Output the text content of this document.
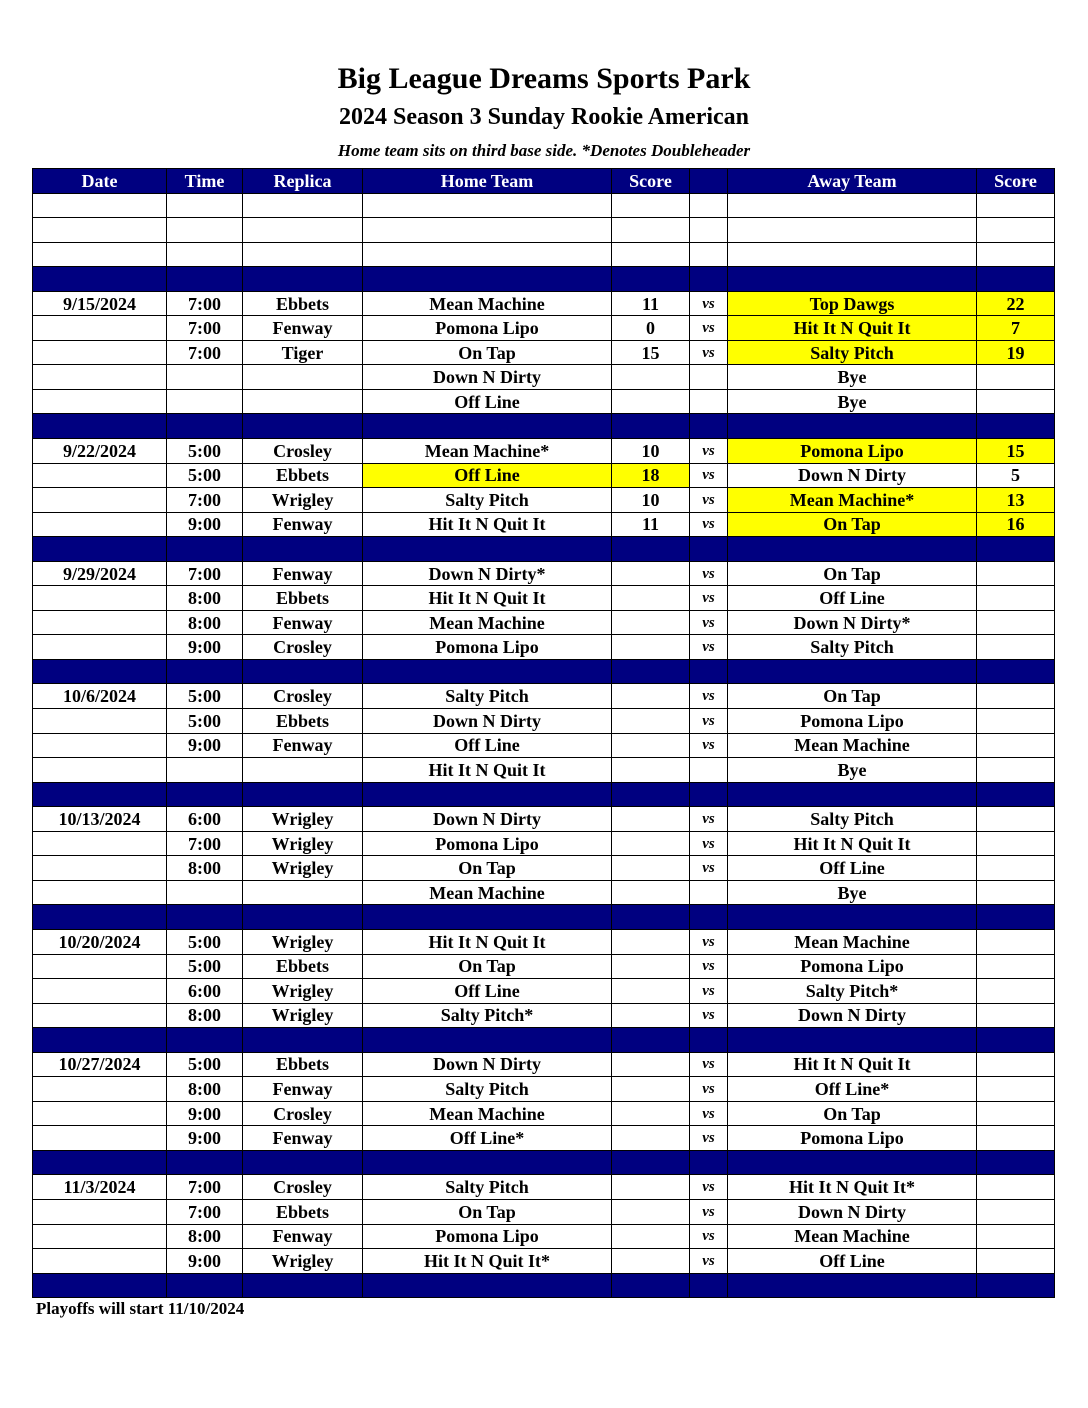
Big League Dreams Sports Park
2024 Season 3 Sunday Rookie American
Home team sits on third base side. *Denotes Doubleheader
Date	Time	Replica	Home Team	Score		Away Team	Score

9/15/2024	7:00	Ebbets	Mean Machine	11	vs	Top Dawgs	22
	7:00	Fenway	Pomona Lipo	0	vs	Hit It N Quit It	7
	7:00	Tiger	On Tap	15	vs	Salty Pitch	19
			Down N Dirty			Bye	
			Off Line			Bye	

9/22/2024	5:00	Crosley	Mean Machine*	10	vs	Pomona Lipo	15
	5:00	Ebbets	Off Line	18	vs	Down N Dirty	5
	7:00	Wrigley	Salty Pitch	10	vs	Mean Machine*	13
	9:00	Fenway	Hit It N Quit It	11	vs	On Tap	16

9/29/2024	7:00	Fenway	Down N Dirty*		vs	On Tap	
	8:00	Ebbets	Hit It N Quit It		vs	Off Line	
	8:00	Fenway	Mean Machine		vs	Down N Dirty*	
	9:00	Crosley	Pomona Lipo		vs	Salty Pitch	

10/6/2024	5:00	Crosley	Salty Pitch		vs	On Tap	
	5:00	Ebbets	Down N Dirty		vs	Pomona Lipo	
	9:00	Fenway	Off Line		vs	Mean Machine	
			Hit It N Quit It			Bye	

10/13/2024	6:00	Wrigley	Down N Dirty		vs	Salty Pitch	
	7:00	Wrigley	Pomona Lipo		vs	Hit It N Quit It	
	8:00	Wrigley	On Tap		vs	Off Line	
			Mean Machine			Bye	

10/20/2024	5:00	Wrigley	Hit It N Quit It		vs	Mean Machine	
	5:00	Ebbets	On Tap		vs	Pomona Lipo	
	6:00	Wrigley	Off Line		vs	Salty Pitch*	
	8:00	Wrigley	Salty Pitch*		vs	Down N Dirty	

10/27/2024	5:00	Ebbets	Down N Dirty		vs	Hit It N Quit It	
	8:00	Fenway	Salty Pitch		vs	Off Line*	
	9:00	Crosley	Mean Machine		vs	On Tap	
	9:00	Fenway	Off Line*		vs	Pomona Lipo	

11/3/2024	7:00	Crosley	Salty Pitch		vs	Hit It N Quit It*	
	7:00	Ebbets	On Tap		vs	Down N Dirty	
	8:00	Fenway	Pomona Lipo		vs	Mean Machine	
	9:00	Wrigley	Hit It N Quit It*		vs	Off Line	

Playoffs will start 11/10/2024
